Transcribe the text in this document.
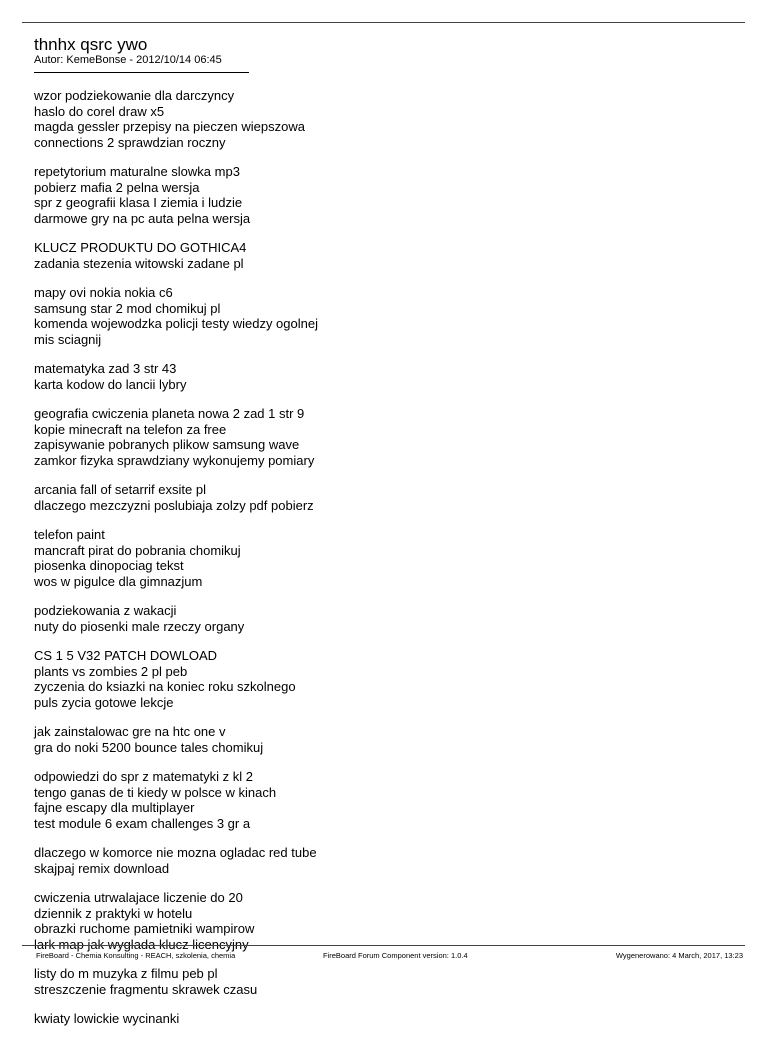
thnhx qsrc ywo
Autor: KemeBonse - 2012/10/14 06:45
wzor podziekowanie dla darczyncy
haslo do corel draw x5
magda gessler przepisy na pieczen wiepszowa
connections 2 sprawdzian roczny
repetytorium maturalne slowka mp3
pobierz mafia 2 pelna wersja
spr z geografii klasa I ziemia i ludzie
darmowe gry na pc auta pelna wersja
KLUCZ PRODUKTU DO GOTHICA4
zadania stezenia witowski zadane pl
mapy ovi nokia nokia c6
samsung star 2 mod chomikuj pl
komenda wojewodzka policji testy wiedzy ogolnej
mis sciagnij
matematyka zad 3 str 43
karta kodow do lancii lybry
geografia cwiczenia planeta nowa 2 zad 1 str 9
kopie minecraft na telefon za free
zapisywanie pobranych plikow samsung wave
zamkor fizyka sprawdziany wykonujemy pomiary
arcania fall of setarrif exsite pl
dlaczego mezczyzni poslubiaja zolzy pdf pobierz
telefon paint
mancraft pirat do pobrania chomikuj
piosenka dinopociag tekst
wos w pigulce dla gimnazjum
podziekowania z wakacji
nuty do piosenki male rzeczy organy
CS 1 5 V32 PATCH DOWLOAD
plants vs zombies 2 pl peb
zyczenia do ksiazki na koniec roku szkolnego
puls zycia gotowe lekcje
jak zainstalowac gre na htc one v
gra do noki 5200 bounce tales chomikuj
odpowiedzi do spr z matematyki z kl 2
tengo ganas de ti kiedy w polsce w kinach
fajne escapy dla multiplayer
test module 6 exam challenges 3 gr a
dlaczego w komorce nie mozna ogladac red tube
skajpaj remix download
cwiczenia utrwalajace liczenie do 20
dziennik z praktyki w hotelu
obrazki ruchome pamietniki wampirow
lark map jak wyglada klucz licencyjny
listy do m muzyka z filmu peb pl
streszczenie fragmentu skrawek czasu
kwiaty lowickie wycinanki
FireBoard - Chemia Konsulting - REACH, szkolenia, chemia	FireBoard Forum Component version: 1.0.4	Wygenerowano: 4 March, 2017, 13:23
